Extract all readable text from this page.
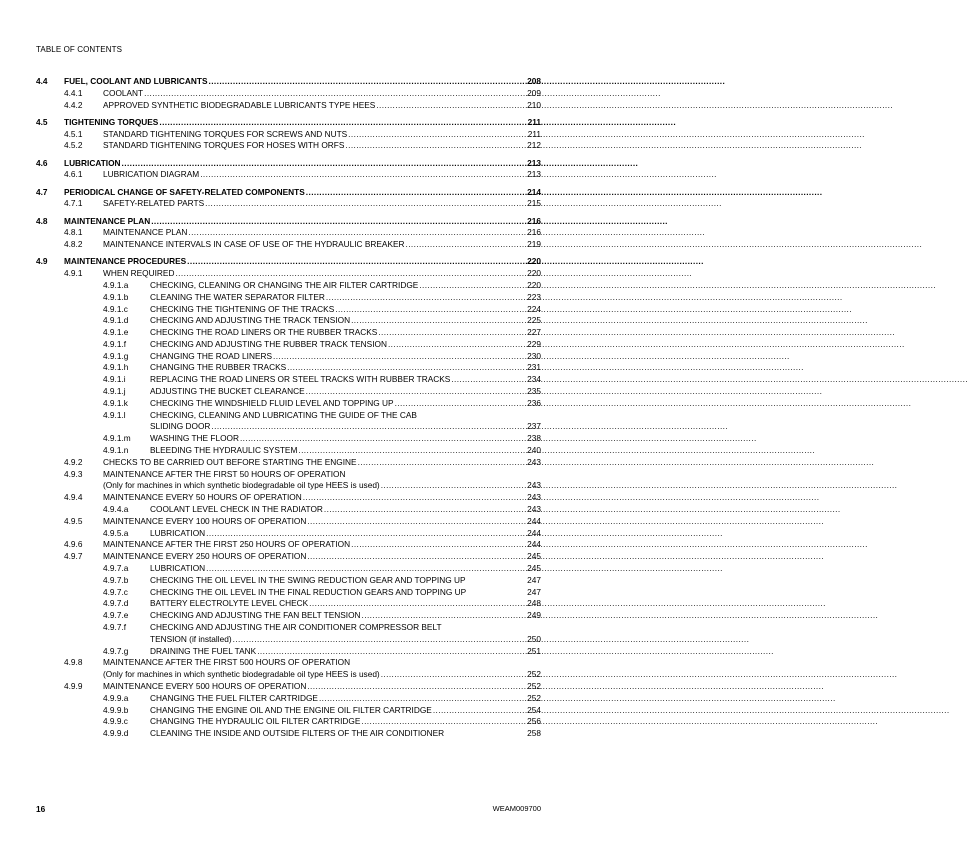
TABLE OF CONTENTS
4.4	FUEL, COOLANT AND LUBRICANTS .....	208
4.4.1	COOLANT .....	209
4.4.2	APPROVED SYNTHETIC BIODEGRADABLE LUBRICANTS TYPE HEES .....	210
4.5	TIGHTENING TORQUES .....	211
4.5.1	STANDARD TIGHTENING TORQUES FOR SCREWS AND NUTS .....	211
4.5.2	STANDARD TIGHTENING TORQUES FOR HOSES WITH ORFS .....	212
4.6	LUBRICATION .....	213
4.6.1	LUBRICATION DIAGRAM .....	213
4.7	PERIODICAL CHANGE OF SAFETY-RELATED COMPONENTS .....	214
4.7.1	SAFETY-RELATED PARTS .....	215
4.8	MAINTENANCE PLAN .....	216
4.8.1	MAINTENANCE PLAN .....	216
4.8.2	MAINTENANCE INTERVALS IN CASE OF USE OF THE HYDRAULIC BREAKER .....	219
4.9	MAINTENANCE PROCEDURES .....	220
4.9.1	WHEN REQUIRED .....	220
4.9.1.a	CHECKING, CLEANING OR CHANGING THE AIR FILTER CARTRIDGE .....	220
4.9.1.b	CLEANING THE WATER SEPARATOR FILTER .....	223
4.9.1.c	CHECKING THE TIGHTENING OF THE TRACKS .....	224
4.9.1.d	CHECKING AND ADJUSTING THE TRACK TENSION .....	225
4.9.1.e	CHECKING THE ROAD LINERS OR THE RUBBER TRACKS .....	227
4.9.1.f	CHECKING AND ADJUSTING THE RUBBER TRACK TENSION .....	229
4.9.1.g	CHANGING THE ROAD LINERS .....	230
4.9.1.h	CHANGING THE RUBBER TRACKS .....	231
4.9.1.i	REPLACING THE ROAD LINERS OR STEEL TRACKS WITH RUBBER TRACKS .....	234
4.9.1.j	ADJUSTING THE BUCKET CLEARANCE .....	235
4.9.1.k	CHECKING THE WINDSHIELD FLUID LEVEL AND TOPPING UP .....	236
4.9.1.l	CHECKING, CLEANING AND LUBRICATING THE GUIDE OF THE CAB
SLIDING DOOR .....	237
4.9.1.m	WASHING THE FLOOR .....	238
4.9.1.n	BLEEDING THE HYDRAULIC SYSTEM .....	240
4.9.2	CHECKS TO BE CARRIED OUT BEFORE STARTING THE ENGINE .....	243
4.9.3	MAINTENANCE AFTER THE FIRST 50 HOURS OF OPERATION
(Only for machines in which synthetic biodegradable oil type HEES is used) .....	243
4.9.4	MAINTENANCE EVERY 50 HOURS OF OPERATION .....	243
4.9.4.a	COOLANT LEVEL CHECK IN THE RADIATOR .....	243
4.9.5	MAINTENANCE EVERY 100 HOURS OF OPERATION .....	244
4.9.5.a	LUBRICATION .....	244
4.9.6	MAINTENANCE AFTER THE FIRST 250 HOURS OF OPERATION .....	244
4.9.7	MAINTENANCE EVERY 250 HOURS OF OPERATION .....	245
4.9.7.a	LUBRICATION .....	245
4.9.7.b	CHECKING THE OIL LEVEL IN THE SWING REDUCTION GEAR AND TOPPING UP	247
4.9.7.c	CHECKING THE OIL LEVEL IN THE FINAL REDUCTION GEARS AND TOPPING UP	247
4.9.7.d	BATTERY ELECTROLYTE LEVEL CHECK .....	248
4.9.7.e	CHECKING AND ADJUSTING THE FAN BELT TENSION .....	249
4.9.7.f	CHECKING AND ADJUSTING THE AIR CONDITIONER COMPRESSOR BELT
TENSION (if installed) .....	250
4.9.7.g	DRAINING THE FUEL TANK .....	251
4.9.8	MAINTENANCE AFTER THE FIRST 500 HOURS OF OPERATION
(Only for machines in which synthetic biodegradable oil type HEES is used) .....	252
4.9.9	MAINTENANCE EVERY 500 HOURS OF OPERATION .....	252
4.9.9.a	CHANGING THE FUEL FILTER CARTRIDGE .....	252
4.9.9.b	CHANGING THE ENGINE OIL AND THE ENGINE OIL FILTER CARTRIDGE .....	254
4.9.9.c	CHANGING THE HYDRAULIC OIL FILTER CARTRIDGE .....	256
4.9.9.d	CLEANING THE INSIDE AND OUTSIDE FILTERS OF THE AIR CONDITIONER	258
16	WEAM009700
